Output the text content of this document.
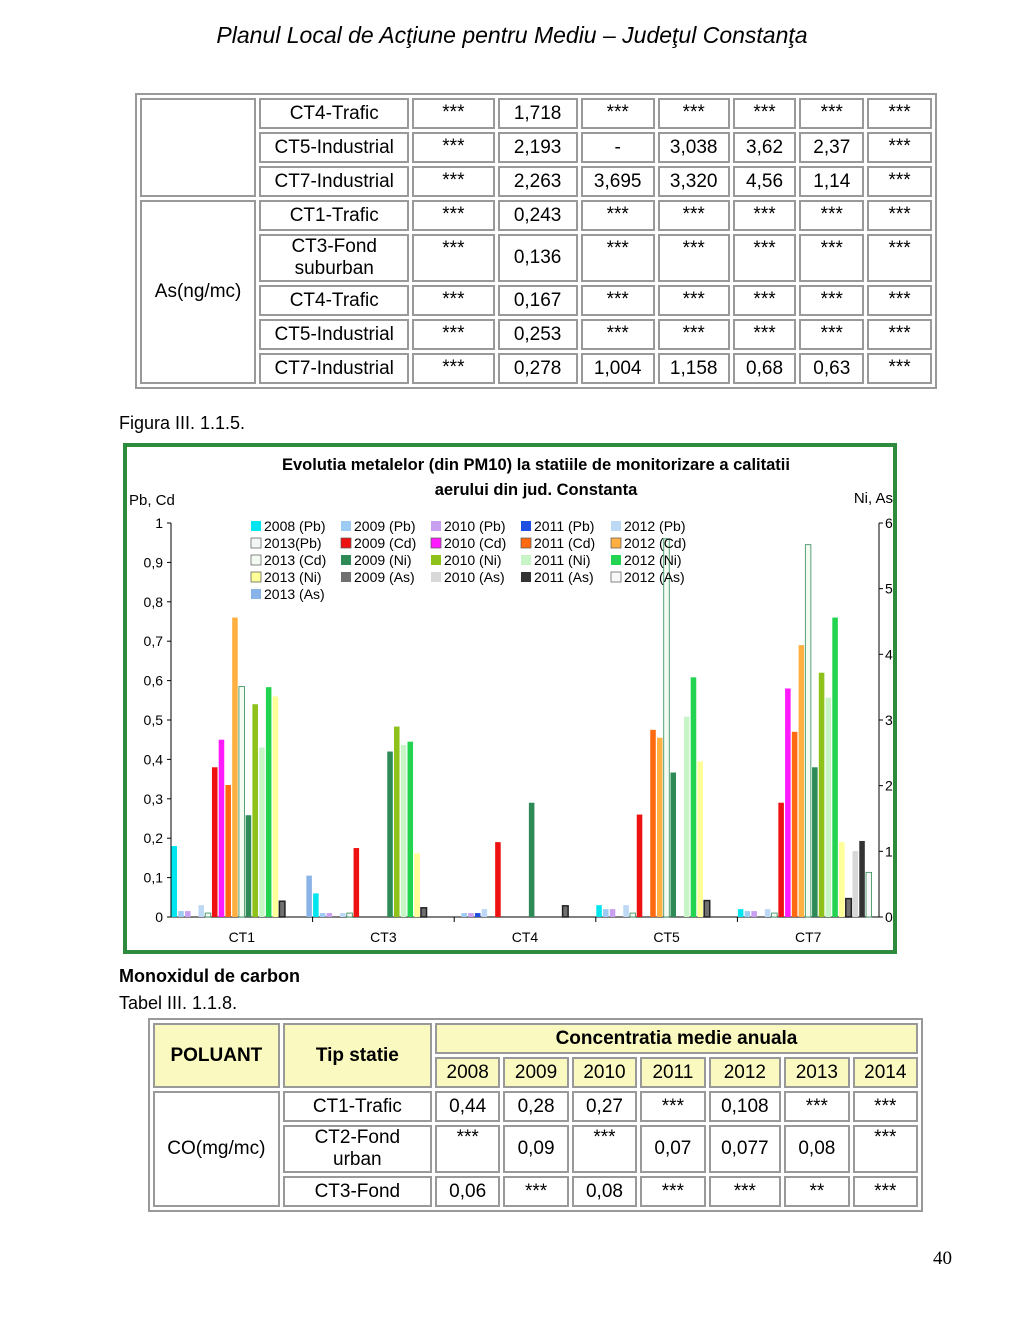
Planul Local de Acţiune pentru Mediu – Judeţul Constanţa
	CT4-Trafic	***	1,718	***	***	***	***	***
	CT5-Industrial	***	2,193	-	3,038	3,62	2,37	***
	CT7-Industrial	***	2,263	3,695	3,320	4,56	1,14	***
As(ng/mc)	CT1-Trafic	***	0,243	***	***	***	***	***
	CT3-Fond suburban	***	0,136	***	***	***	***	***
	CT4-Trafic	***	0,167	***	***	***	***	***
	CT5-Industrial	***	0,253	***	***	***	***	***
	CT7-Industrial	***	0,278	1,004	1,158	0,68	0,63	***
Figura III. 1.1.5.
Evolutia metalelor (din PM10) la statiile de monitorizare a calitatii
aerului din jud. Constanta
Pb, Cd	Ni, As
0
0,1
0,2
0,3
0,4
0,5
0,6
0,7
0,8
0,9
1
0
1
2
3
4
5
6
CT1	CT3	CT4	CT5	CT7
2008 (Pb) 2009 (Pb) 2010 (Pb) 2011 (Pb) 2012 (Pb)
2013(Pb) 2009 (Cd) 2010 (Cd) 2011 (Cd) 2012 (Cd)
2013 (Cd) 2009 (Ni) 2010 (Ni) 2011 (Ni) 2012 (Ni)
2013 (Ni) 2009 (As) 2010 (As) 2011 (As) 2012 (As)
2013 (As)
Monoxidul de carbon
Tabel III. 1.1.8.
POLUANT	Tip statie	Concentratia medie anuala						
		2008	2009	2010	2011	2012	2013	2014
CO(mg/mc)	CT1-Trafic	0,44	0,28	0,27	***	0,108	***	***
	CT2-Fond urban	***	0,09	***	0,07	0,077	0,08	***
	CT3-Fond	0,06	***	0,08	***	***	**	***
40
